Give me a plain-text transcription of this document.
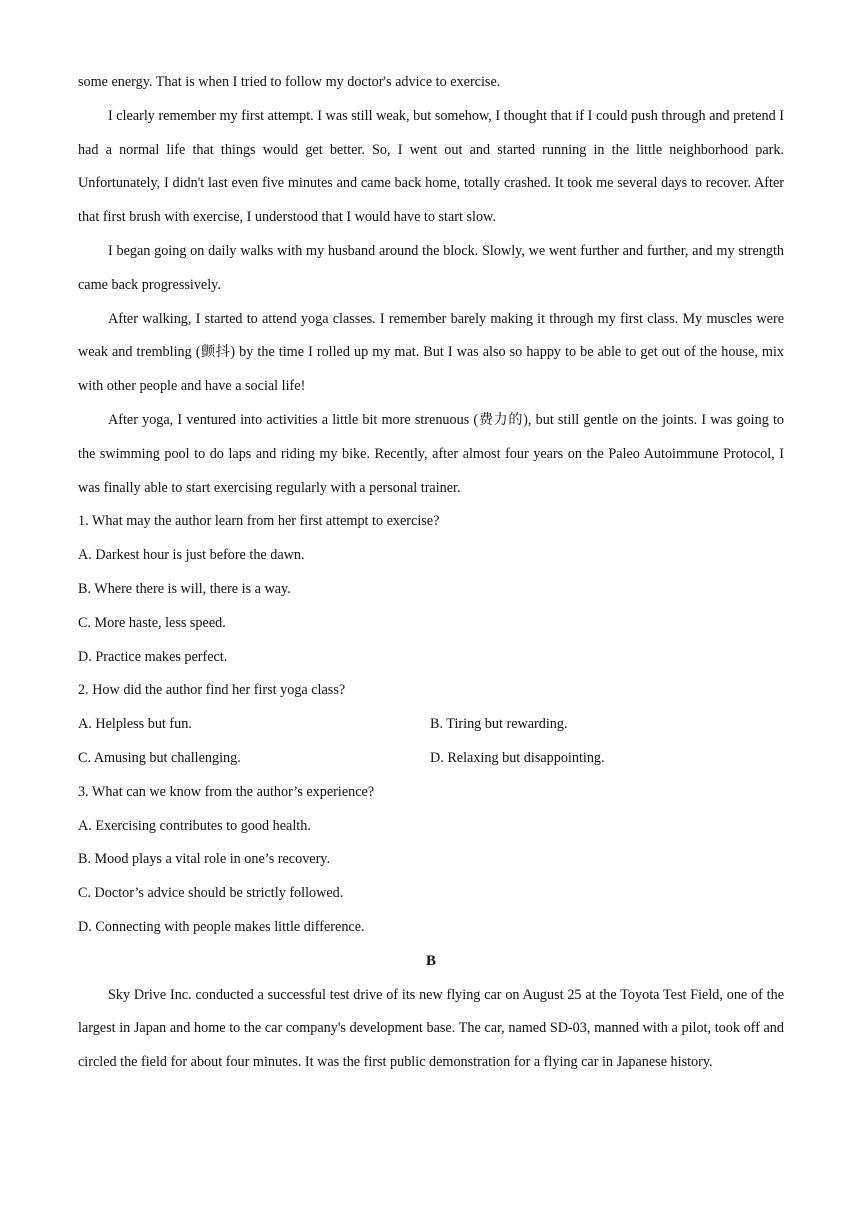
some energy. That is when I tried to follow my doctor's advice to exercise.

I clearly remember my first attempt. I was still weak, but somehow, I thought that if I could push through and pretend I had a normal life that things would get better. So, I went out and started running in the little neighborhood park. Unfortunately, I didn't last even five minutes and came back home, totally crashed. It took me several days to recover. After that first brush with exercise, I understood that I would have to start slow.

I began going on daily walks with my husband around the block. Slowly, we went further and further, and my strength came back progressively.

After walking, I started to attend yoga classes. I remember barely making it through my first class. My muscles were weak and trembling (颤抖) by the time I rolled up my mat. But I was also so happy to be able to get out of the house, mix with other people and have a social life!

After yoga, I ventured into activities a little bit more strenuous (费力的), but still gentle on the joints. I was going to the swimming pool to do laps and riding my bike. Recently, after almost four years on the Paleo Autoimmune Protocol, I was finally able to start exercising regularly with a personal trainer.

1. What may the author learn from her first attempt to exercise?

A. Darkest hour is just before the dawn.

B. Where there is will, there is a way.

C. More haste, less speed.

D. Practice makes perfect.

2. How did the author find her first yoga class?

A. Helpless but fun.	B. Tiring but rewarding.

C. Amusing but challenging.	D. Relaxing but disappointing.

3. What can we know from the author’s experience?

A. Exercising contributes to good health.

B. Mood plays a vital role in one’s recovery.

C. Doctor’s advice should be strictly followed.

D. Connecting with people makes little difference.

B

Sky Drive Inc. conducted a successful test drive of its new flying car on August 25 at the Toyota Test Field, one of the largest in Japan and home to the car company's development base. The car, named SD-03, manned with a pilot, took off and circled the field for about four minutes. It was the first public demonstration for a flying car in Japanese history.
